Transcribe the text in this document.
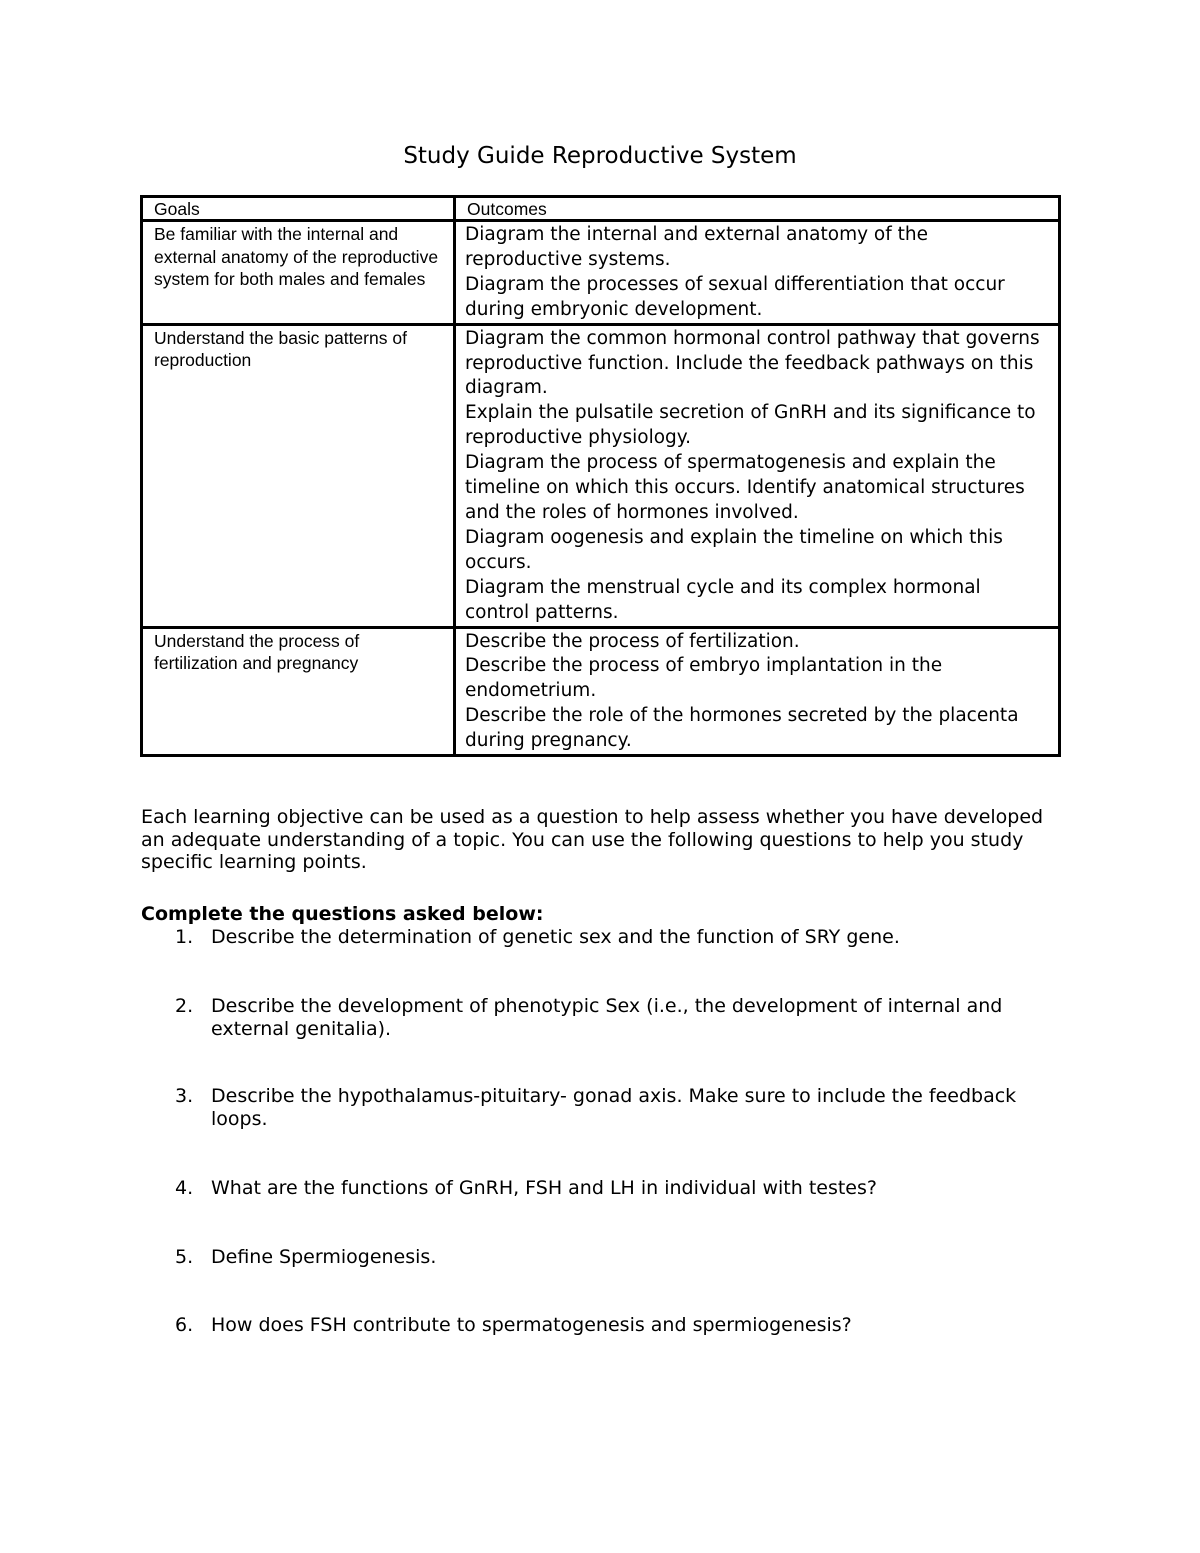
Study Guide Reproductive System
Goals	Outcomes
Be familiar with the internal and external anatomy of the reproductive system for both males and females	Diagram the internal and external anatomy of the reproductive systems.
Diagram the processes of sexual differentiation that occur during embryonic development.

Understand the basic patterns of reproduction	Diagram the common hormonal control pathway that governs reproductive function. Include the feedback pathways on this diagram.
Explain the pulsatile secretion of GnRH and its significance to reproductive physiology.
Diagram the process of spermatogenesis and explain the timeline on which this occurs. Identify anatomical structures and the roles of hormones involved.
Diagram oogenesis and explain the timeline on which this occurs.
Diagram the menstrual cycle and its complex hormonal control patterns.

Understand the process of fertilization and pregnancy	Describe the process of fertilization.
Describe the process of embryo implantation in the endometrium.
Describe the role of the hormones secreted by the placenta during pregnancy.
Each learning objective can be used as a question to help assess whether you have developed an adequate understanding of a topic. You can use the following questions to help you study specific learning points.
Complete the questions asked below:
1. Describe the determination of genetic sex and the function of SRY gene.
2. Describe the development of phenotypic Sex (i.e., the development of internal and external genitalia).
3. Describe the hypothalamus-pituitary- gonad axis. Make sure to include the feedback loops.
4. What are the functions of GnRH, FSH and LH in individual with testes?
5. Define Spermiogenesis.
6. How does FSH contribute to spermatogenesis and spermiogenesis?
